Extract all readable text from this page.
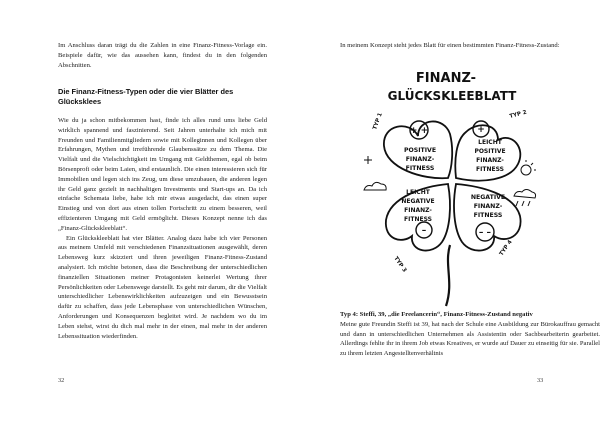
Im Anschluss daran trägt du die Zahlen in eine Finanz-Fitness-Vorlage ein. Beispiele dafür, wie das aussehen kann, findest du in den folgenden Abschnitten.

Die Finanz-Fitness-Typen oder die vier Blätter des
Glücksklees

Wie du ja schon mitbekommen hast, finde ich alles rund ums liebe Geld wirklich spannend und faszinierend. Seit Jahren unterhalte ich mich mit Freunden und Familienmitgliedern sowie mit Kolleginnen und Kollegen über Erfahrungen, Mythen und irreführende Glaubenssätze zu dem Thema. Die Vielfalt und die Vielschichtigkeit im Umgang mit Geldthemen, egal ob beim Börsenprofi oder beim Laien, sind erstaunlich. Die einen interessieren sich für Immobilien und legen sich ins Zeug, um diese umzubauen, die anderen legen ihr Geld ganz gezielt in nachhaltigen Investments und Start-ups an. Da ich einfache Schemata liebe, habe ich mir etwas ausgedacht, das einen super Einstieg und von dort aus einen tollen Fortschritt zu einem besseren, weil effizienteren Umgang mit Geld ermöglicht. Dieses Konzept nenne ich das „Finanz-Glückskleeblatt“.

Ein Glückskleeblatt hat vier Blätter. Analog dazu habe ich vier Personen aus meinem Umfeld mit verschiedenen Finanzsituationen ausgewählt, deren Lebensweg kurz skizziert und ihren jeweiligen Finanz-Fitness-Zustand analysiert. Ich möchte betonen, dass die Beschreibung der unterschiedlichen finanziellen Situationen meiner Protagonisten keinerlei Wertung ihrer Persönlichkeiten oder Lebenswege darstellt. Es geht mir darum, dir die Vielfalt unterschiedlicher Lebenswirklichkeiten aufzuzeigen und ein Bewusstsein dafür zu schaffen, dass jede Lebensphase von unterschiedlichen Wünschen, Anforderungen und Konsequenzen begleitet wird. Je nachdem wo du im Leben stehst, wirst du dich mal mehr in der einen, mal mehr in der anderen Lebenssituation wiederfinden.

32

In meinem Konzept steht jedes Blatt für einen bestimmten Finanz-Fitness-Zustand:

FINANZ-
GLÜCKSKLEEBLATT
+ +	+
–	– –
TYP 1	TYP 2
TYP 3
TYP 4
POSITIVE
FINANZ-
FITNESS
LEICHT
POSITIVE
FINANZ-
FITNESS
LEICHT
NEGATIVE
FINANZ-
FITNESS
NEGATIVE
FINANZ-
FITNESS

Typ 4: Steffi, 39, „die Freelancerin“, Finanz-Fitness-Zustand negativ

Meine gute Freundin Steffi ist 39, hat nach der Schule eine Ausbildung zur Bürokauffrau gemacht und dann in unterschiedlichen Unternehmen als Assistentin oder Sachbearbeiterin gearbeitet. Allerdings fehlte ihr in ihrem Job etwas Kreatives, er wurde auf Dauer zu einseitig für sie. Parallel zu ihrem letzten Angestelltenverhältnis

33
